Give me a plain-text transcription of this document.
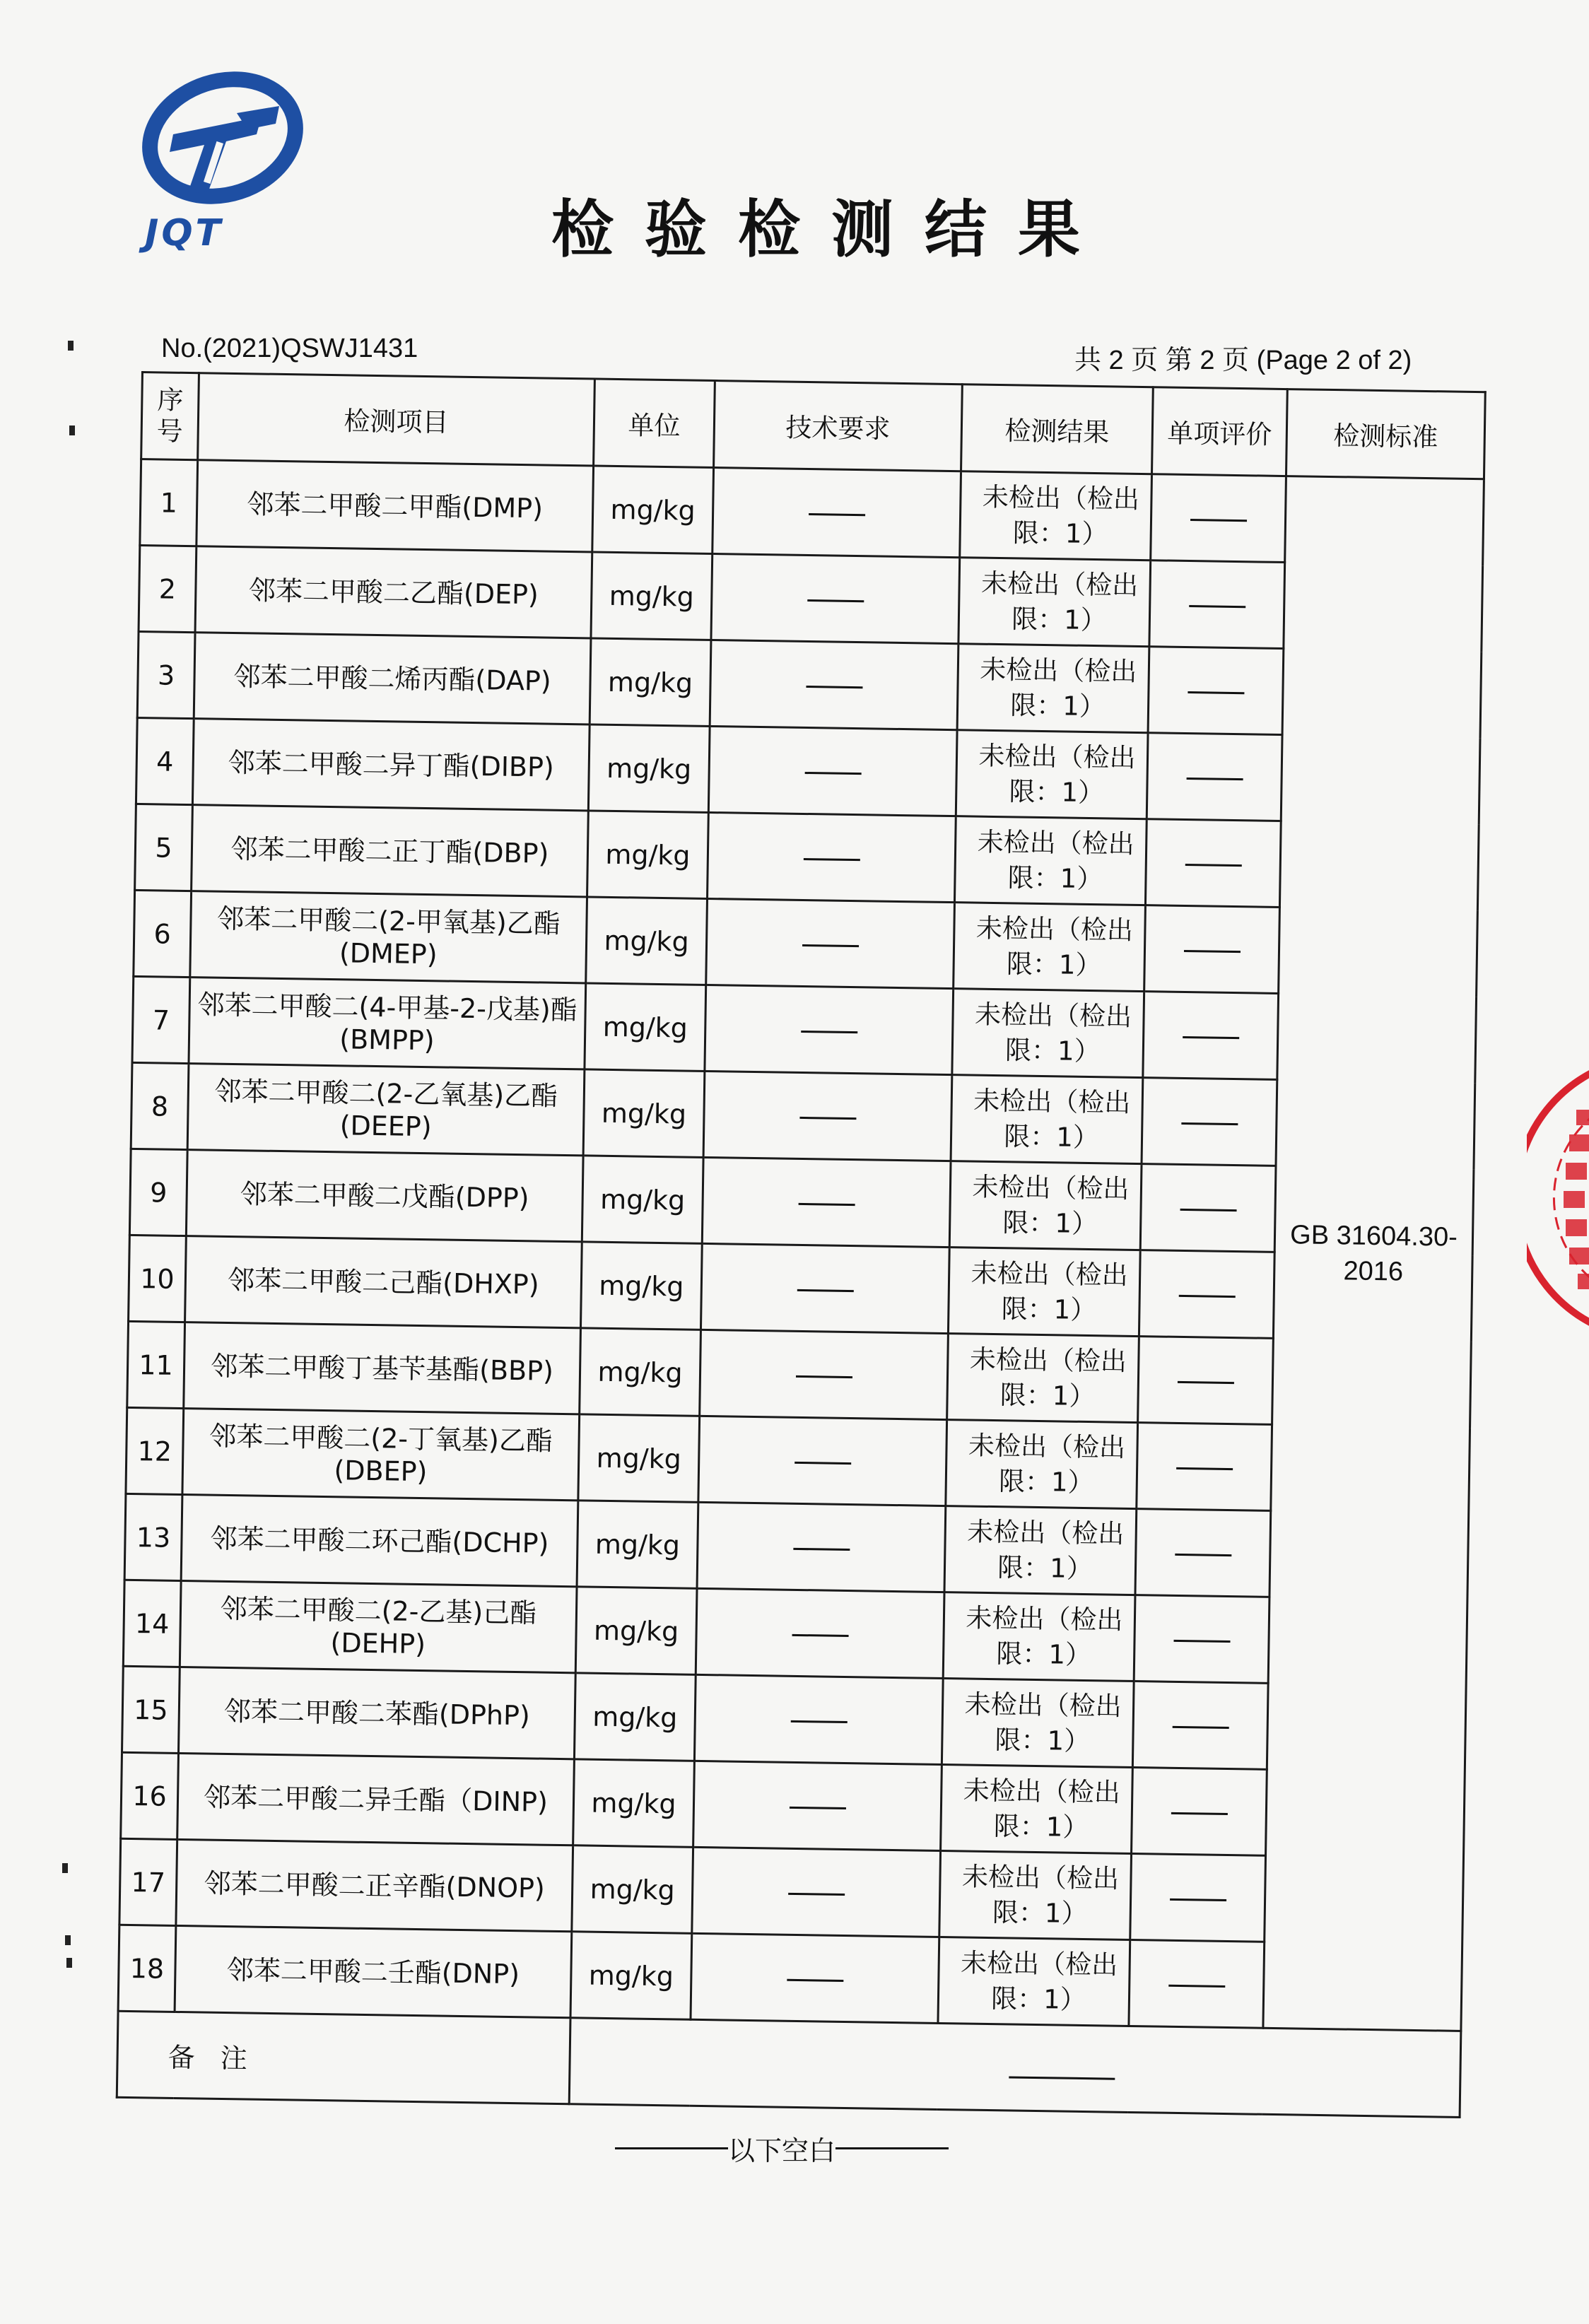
JQT	检验检测结果
No.(2021)QSWJ1431	共 2 页 第 2 页 (Page 2 of 2)
序号	检测项目	单位	技术要求	检测结果	单项评价	检测标准
1	邻苯二甲酸二甲酯(DMP)	mg/kg		未检出（检出限：1）		GB 31604.30-2016
2	邻苯二甲酸二乙酯(DEP)	mg/kg		未检出（检出限：1）		
3	邻苯二甲酸二烯丙酯(DAP)	mg/kg		未检出（检出限：1）		
4	邻苯二甲酸二异丁酯(DIBP)	mg/kg		未检出（检出限：1）		
5	邻苯二甲酸二正丁酯(DBP)	mg/kg		未检出（检出限：1）		
6	邻苯二甲酸二(2-甲氧基)乙酯(DMEP)	mg/kg		未检出（检出限：1）		
7	邻苯二甲酸二(4-甲基-2-戊基)酯(BMPP)	mg/kg		未检出（检出限：1）		
8	邻苯二甲酸二(2-乙氧基)乙酯(DEEP)	mg/kg		未检出（检出限：1）		
9	邻苯二甲酸二戊酯(DPP)	mg/kg		未检出（检出限：1）		
10	邻苯二甲酸二己酯(DHXP)	mg/kg		未检出（检出限：1）		
11	邻苯二甲酸丁基苄基酯(BBP)	mg/kg		未检出（检出限：1）		
12	邻苯二甲酸二(2-丁氧基)乙酯(DBEP)	mg/kg		未检出（检出限：1）		
13	邻苯二甲酸二环己酯(DCHP)	mg/kg		未检出（检出限：1）		
14	邻苯二甲酸二(2-乙基)己酯(DEHP)	mg/kg		未检出（检出限：1）		
15	邻苯二甲酸二苯酯(DPhP)	mg/kg		未检出（检出限：1）		
16	邻苯二甲酸二异壬酯（DINP)	mg/kg		未检出（检出限：1）		
17	邻苯二甲酸二正辛酯(DNOP)	mg/kg		未检出（检出限：1）		
18	邻苯二甲酸二壬酯(DNP)	mg/kg		未检出（检出限：1）		
备 注						
以下空白
